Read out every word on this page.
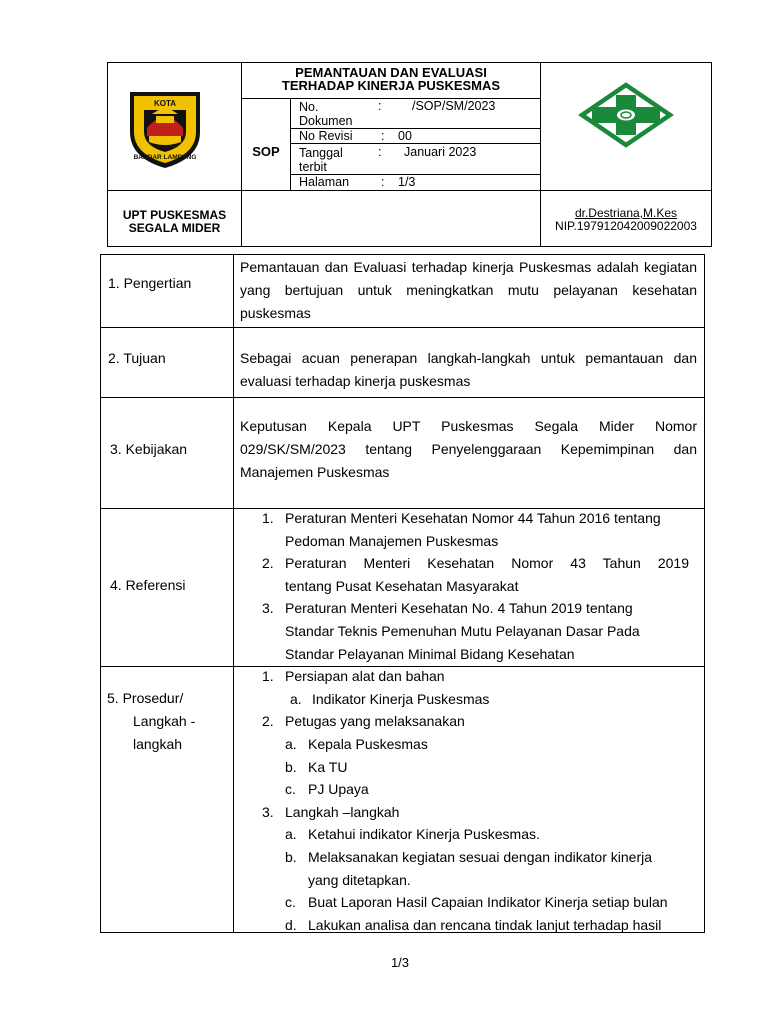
KOTA
BANDAR LAMPUNG
PEMANTAUAN DAN EVALUASI
TERHADAP KINERJA PUSKESMAS
SOP
No. Dokumen
: /SOP/SM/2023
No Revisi : 00
Tanggal terbit
: Januari 2023
Halaman	: 1/3
UPT PUSKESMAS
SEGALA MIDER
dr.Destriana,M.Kes
NIP.197912042009022003
1. Pengertian
Pemantauan dan Evaluasi terhadap kinerja Puskesmas adalah kegiatan yang bertujuan untuk meningkatkan mutu pelayanan kesehatan puskesmas
2. Tujuan	Sebagai acuan penerapan langkah-langkah untuk pemantauan dan evaluasi terhadap kinerja puskesmas
3. Kebijakan
Keputusan Kepala UPT Puskesmas Segala Mider Nomor 029/SK/SM/2023 tentang Penyelenggaraan Kepemimpinan dan Manajemen Puskesmas
4. Referensi
1. Peraturan Menteri Kesehatan Nomor 44 Tahun 2016 tentang
Pedoman Manajemen Puskesmas
2. Peraturan Menteri Kesehatan Nomor 43 Tahun 2019
tentang Pusat Kesehatan Masyarakat
3. Peraturan Menteri Kesehatan No. 4 Tahun 2019 tentang
Standar Teknis Pemenuhan Mutu Pelayanan Dasar Pada
Standar Pelayanan Minimal Bidang Kesehatan
5. Prosedur/
Langkah -
langkah
1. Persiapan alat dan bahan
a. Indikator Kinerja Puskesmas
2. Petugas yang melaksanakan
a. Kepala Puskesmas
b. Ka TU
c. PJ Upaya
3. Langkah –langkah
a. Ketahui indikator Kinerja Puskesmas.
b. Melaksanakan kegiatan sesuai dengan indikator kinerja
yang ditetapkan.
c. Buat Laporan Hasil Capaian Indikator Kinerja setiap bulan
d. Lakukan analisa dan rencana tindak lanjut terhadap hasil
1/3
